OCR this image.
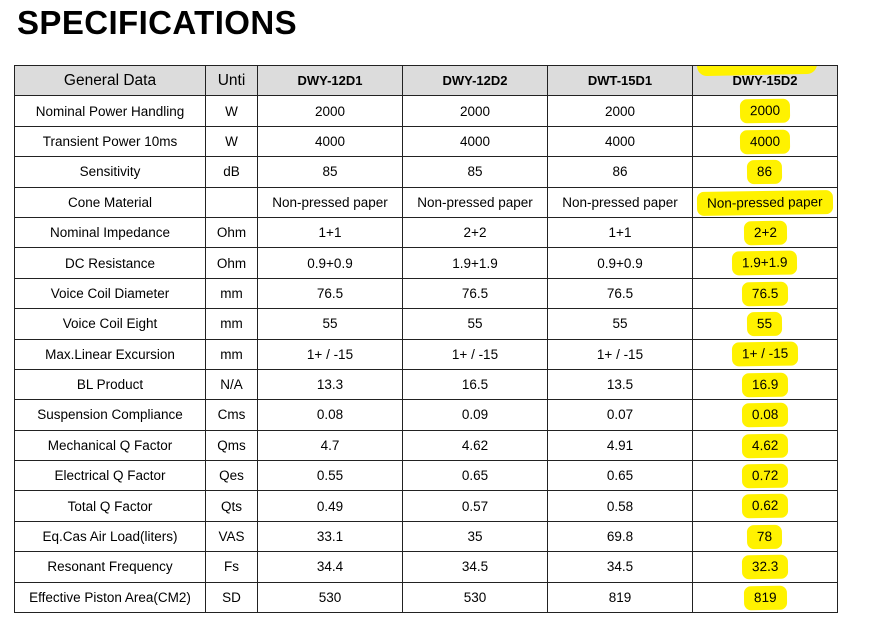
SPECIFICATIONS
General Data	Unti	DWY-12D1	DWY-12D2	DWT-15D1	DWY-15D2
Nominal Power Handling	W	2000	2000	2000	2000
Transient Power 10ms	W	4000	4000	4000	4000
Sensitivity	dB	85	85	86	86
Cone Material		Non-pressed paper	Non-pressed paper	Non-pressed paper	Non-pressed paper
Nominal Impedance	Ohm	1+1	2+2	1+1	2+2
DC Resistance	Ohm	0.9+0.9	1.9+1.9	0.9+0.9	1.9+1.9
Voice Coil Diameter	mm	76.5	76.5	76.5	76.5
Voice Coil Eight	mm	55	55	55	55
Max.Linear Excursion	mm	1+ / -15	1+ / -15	1+ / -15	1+ / -15
BL Product	N/A	13.3	16.5	13.5	16.9
Suspension Compliance	Cms	0.08	0.09	0.07	0.08
Mechanical Q Factor	Qms	4.7	4.62	4.91	4.62
Electrical Q Factor	Qes	0.55	0.65	0.65	0.72
Total Q Factor	Qts	0.49	0.57	0.58	0.62
Eq.Cas Air Load(liters)	VAS	33.1	35	69.8	78
Resonant Frequency	Fs	34.4	34.5	34.5	32.3
Effective Piston Area(CM2)	SD	530	530	819	819
